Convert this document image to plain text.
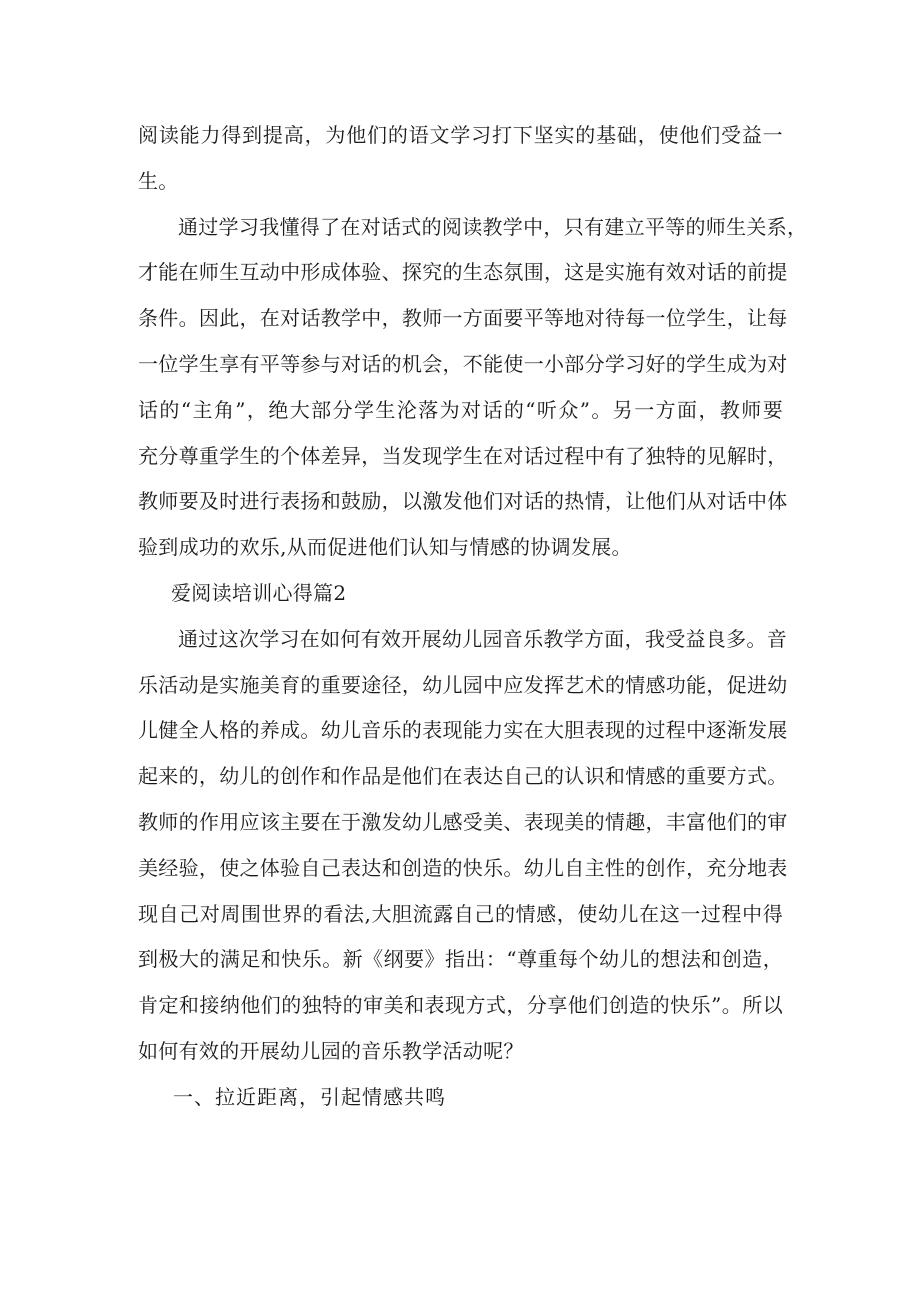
阅读能力得到提高，为他们的语文学习打下坚实的基础，使他们受益一
生。
通过学习我懂得了在对话式的阅读教学中，只有建立平等的师生关系，
才能在师生互动中形成体验、探究的生态氛围，这是实施有效对话的前提
条件。因此，在对话教学中，教师一方面要平等地对待每一位学生，让每
一位学生享有平等参与对话的机会，不能使一小部分学习好的学生成为对
话的“主角”，绝大部分学生沦落为对话的“听众”。另一方面，教师要
充分尊重学生的个体差异，当发现学生在对话过程中有了独特的见解时，
教师要及时进行表扬和鼓励，以激发他们对话的热情，让他们从对话中体
验到成功的欢乐,从而促进他们认知与情感的协调发展。
爱阅读培训心得篇2
通过这次学习在如何有效开展幼儿园音乐教学方面，我受益良多。音
乐活动是实施美育的重要途径，幼儿园中应发挥艺术的情感功能，促进幼
儿健全人格的养成。幼儿音乐的表现能力实在大胆表现的过程中逐渐发展
起来的，幼儿的创作和作品是他们在表达自己的认识和情感的重要方式。
教师的作用应该主要在于激发幼儿感受美、表现美的情趣，丰富他们的审
美经验，使之体验自己表达和创造的快乐。幼儿自主性的创作，充分地表
现自己对周围世界的看法,大胆流露自己的情感，使幼儿在这一过程中得
到极大的满足和快乐。新《纲要》指出：“尊重每个幼儿的想法和创造，
肯定和接纳他们的独特的审美和表现方式，分享他们创造的快乐”。所以
如何有效的开展幼儿园的音乐教学活动呢？
一、拉近距离，引起情感共鸣
